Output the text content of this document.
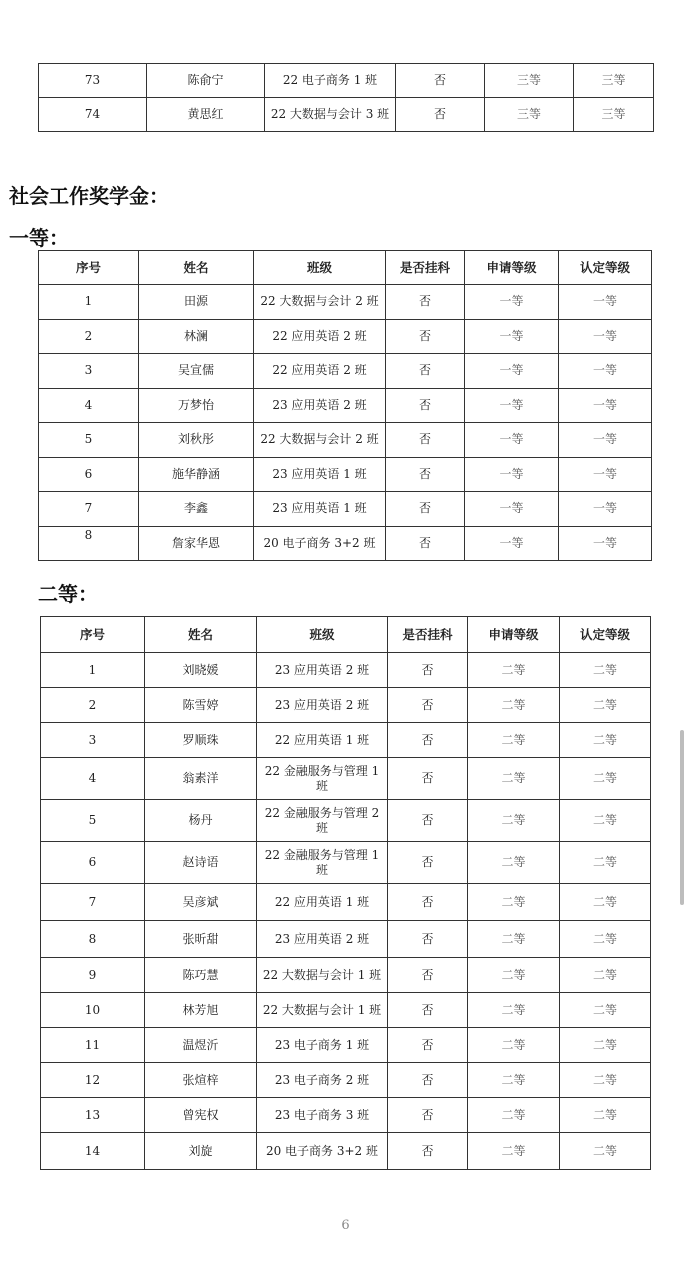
73	陈俞宁	22 电子商务 1 班	否	三等	三等
74	黄思红	22 大数据与会计 3 班	否	三等	三等
社会工作奖学金：
一等：
序号	姓名	班级	是否挂科	申请等级	认定等级
1	田源	22 大数据与会计 2 班	否	一等	一等
2	林澜	22 应用英语 2 班	否	一等	一等
3	吴宣儒	22 应用英语 2 班	否	一等	一等
4	万梦怡	23 应用英语 2 班	否	一等	一等
5	刘秋彤	22 大数据与会计 2 班	否	一等	一等
6	施华静涵	23 应用英语 1 班	否	一等	一等
7	李鑫	23 应用英语 1 班	否	一等	一等
8	詹家华恩	20 电子商务 3+2 班	否	一等	一等
二等：
序号	姓名	班级	是否挂科	申请等级	认定等级
1	刘晓媛	23 应用英语 2 班	否	二等	二等
2	陈雪婷	23 应用英语 2 班	否	二等	二等
3	罗顺珠	22 应用英语 1 班	否	二等	二等
4	翁素洋	22 金融服务与管理 1 班	否	二等	二等
5	杨丹	22 金融服务与管理 2 班	否	二等	二等
6	赵诗语	22 金融服务与管理 1 班	否	二等	二等
7	吴彦斌	22 应用英语 1 班	否	二等	二等
8	张昕甜	23 应用英语 2 班	否	二等	二等
9	陈巧慧	22 大数据与会计 1 班	否	二等	二等
10	林芳旭	22 大数据与会计 1 班	否	二等	二等
11	温煜沂	23 电子商务 1 班	否	二等	二等
12	张煊梓	23 电子商务 2 班	否	二等	二等
13	曾宪权	23 电子商务 3 班	否	二等	二等
14	刘旋	20 电子商务 3+2 班	否	二等	二等
6
